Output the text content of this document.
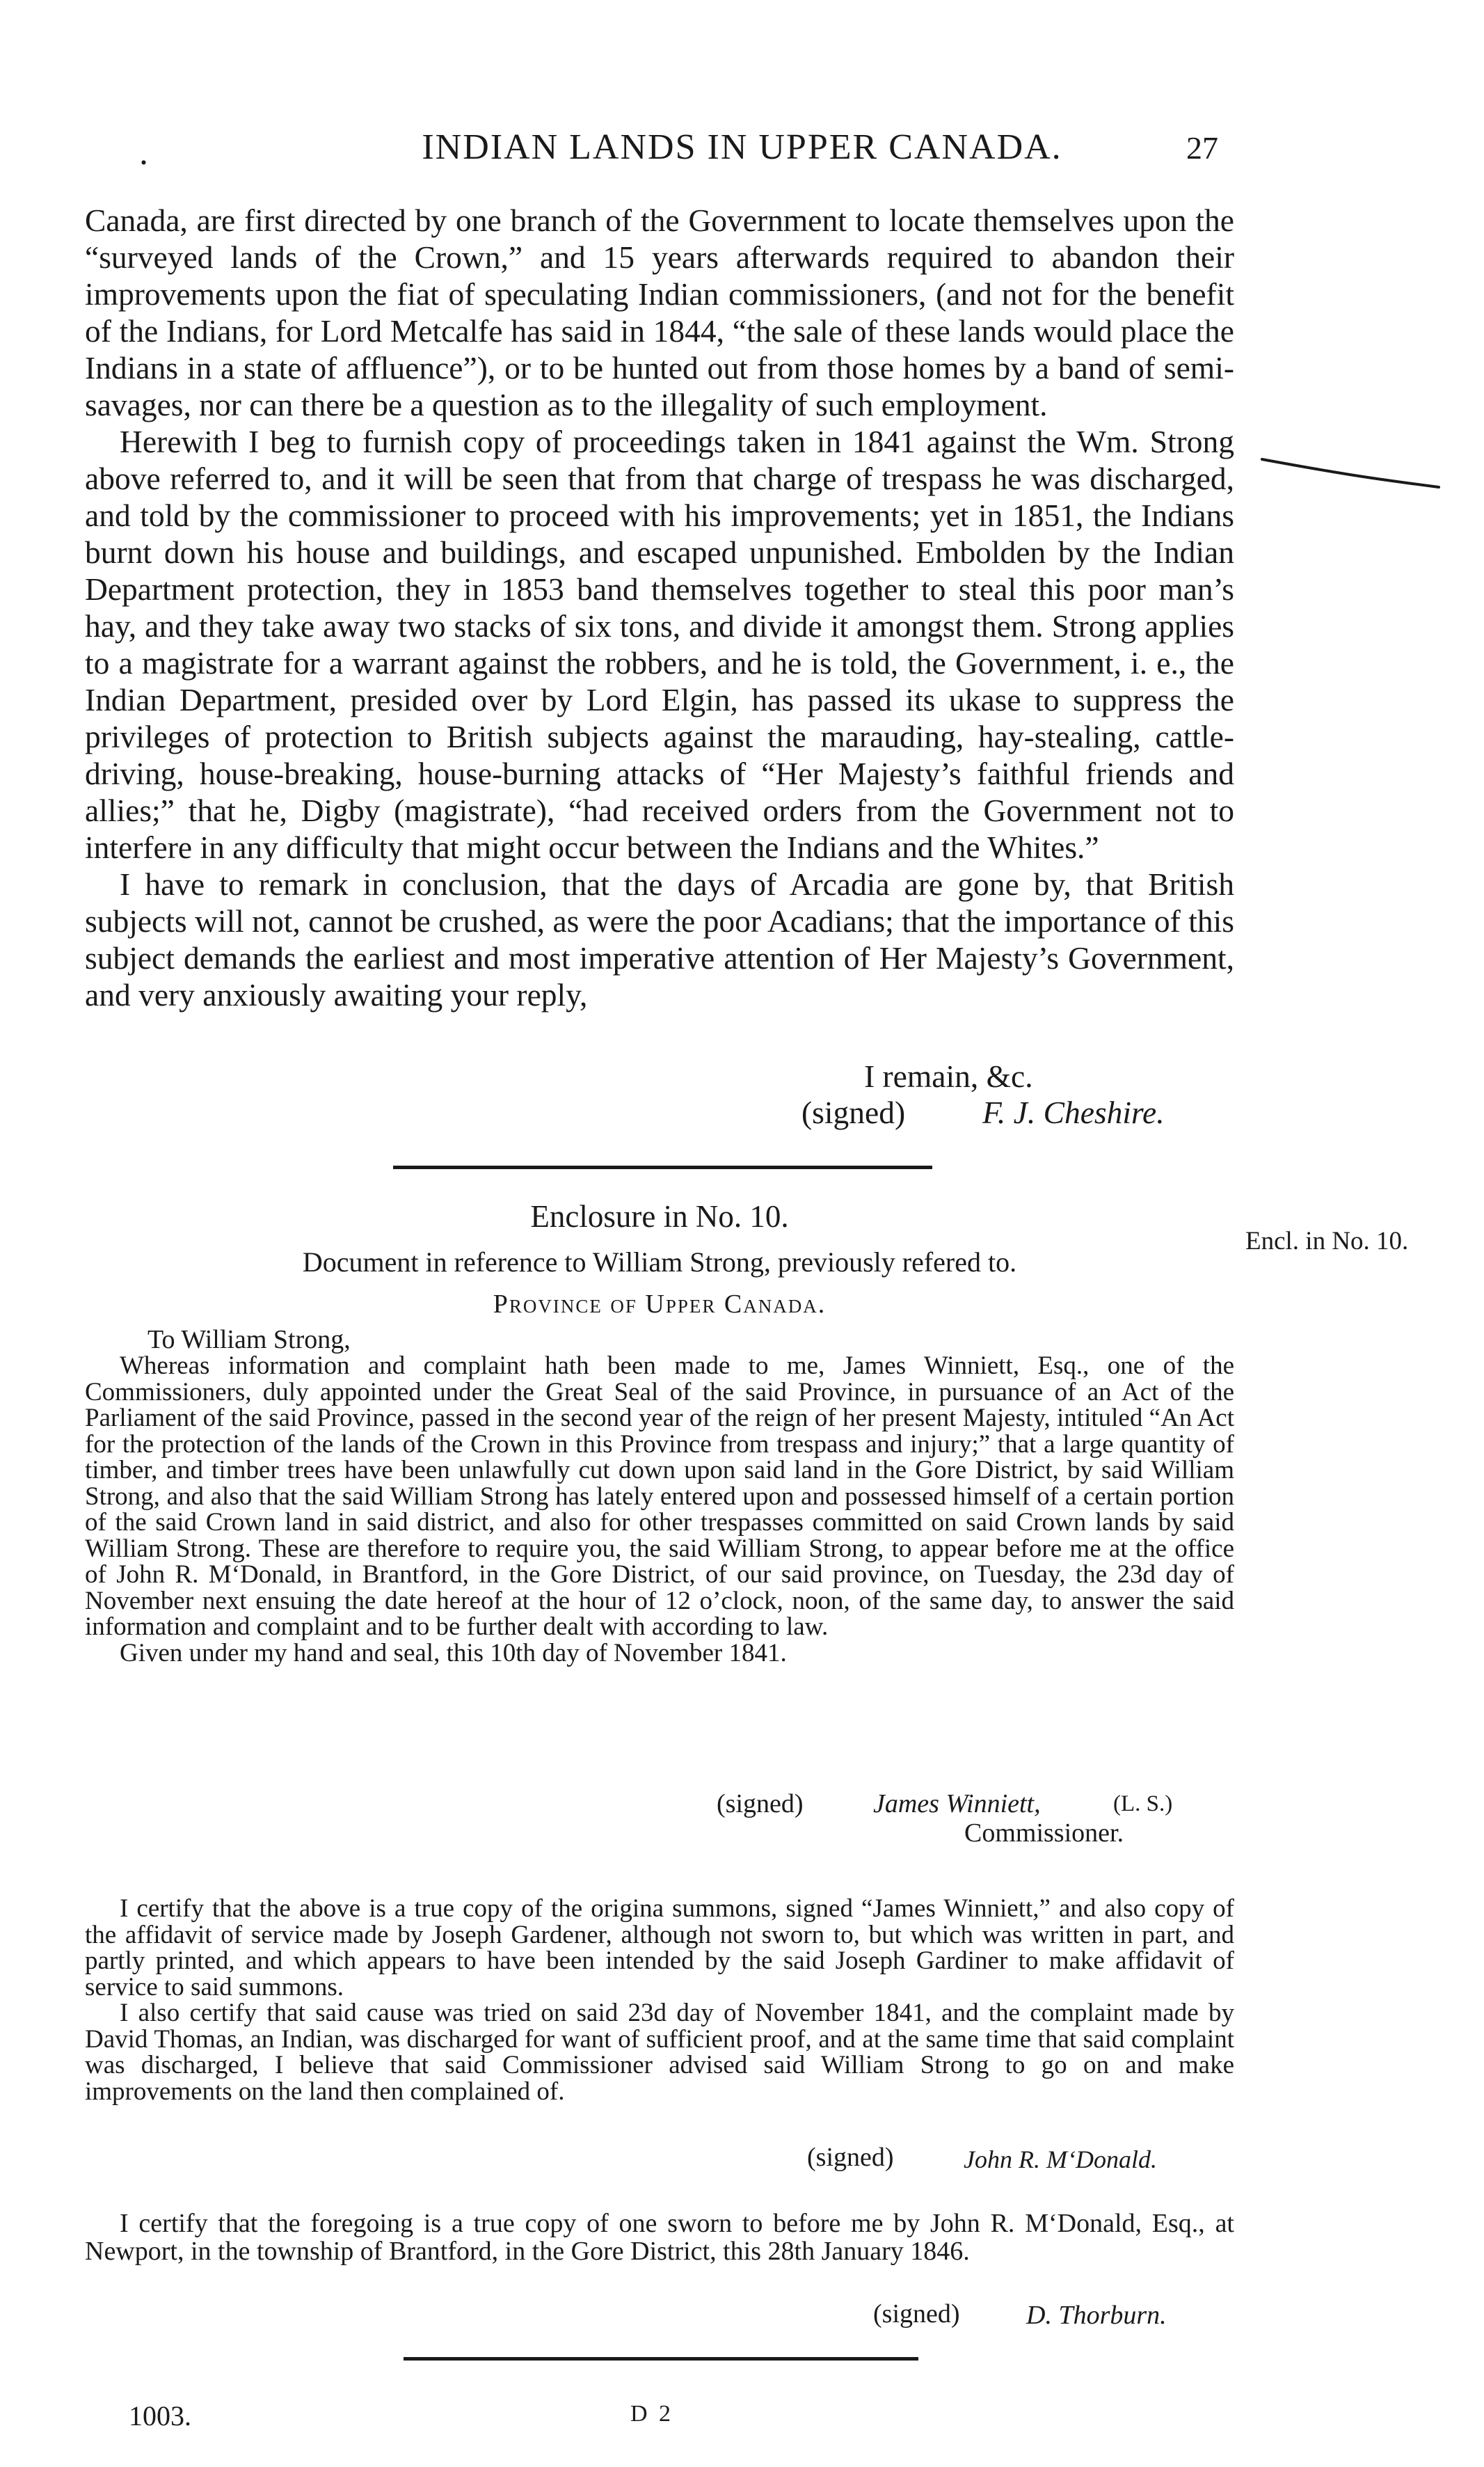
.	INDIAN LANDS IN UPPER CANADA.	27

Canada, are first directed by one branch of the Government to locate themselves upon the “surveyed lands of the Crown,” and 15 years afterwards required to abandon their improvements upon the fiat of speculating Indian commissioners, (and not for the benefit of the Indians, for Lord Metcalfe has said in 1844, “the sale of these lands would place the Indians in a state of affluence”), or to be hunted out from those homes by a band of semi-savages, nor can there be a question as to the illegality of such employment.

Herewith I beg to furnish copy of proceedings taken in 1841 against the Wm. Strong above referred to, and it will be seen that from that charge of trespass he was discharged, and told by the commissioner to proceed with his improvements; yet in 1851, the Indians burnt down his house and buildings, and escaped unpunished. Embolden by the Indian Department protection, they in 1853 band themselves together to steal this poor man’s hay, and they take away two stacks of six tons, and divide it amongst them. Strong applies to a magistrate for a warrant against the robbers, and he is told, the Government, i. e., the Indian Department, presided over by Lord Elgin, has passed its ukase to suppress the privileges of protection to British subjects against the marauding, hay-stealing, cattle-driving, house-breaking, house-burning attacks of “Her Majesty’s faithful friends and allies;” that he, Digby (magistrate), “had received orders from the Government not to interfere in any difficulty that might occur between the Indians and the Whites.”

I have to remark in conclusion, that the days of Arcadia are gone by, that British subjects will not, cannot be crushed, as were the poor Acadians; that the importance of this subject demands the earliest and most imperative attention of Her Majesty’s Government, and very anxiously awaiting your reply,

I remain, &c.
(signed) F. J. Cheshire.
Enclosure in No. 10.
Encl. in No. 10.
Document in reference to William Strong, previously refered to.
Province of Upper Canada.
To William Strong,

Whereas information and complaint hath been made to me, James Winniett, Esq., one of the Commissioners, duly appointed under the Great Seal of the said Province, in pursuance of an Act of the Parliament of the said Province, passed in the second year of the reign of her present Majesty, intituled “An Act for the protection of the lands of the Crown in this Province from trespass and injury;” that a large quantity of timber, and timber trees have been unlawfully cut down upon said land in the Gore District, by said William Strong, and also that the said William Strong has lately entered upon and possessed himself of a certain portion of the said Crown land in said district, and also for other trespasses committed on said Crown lands by said William Strong. These are therefore to require you, the said William Strong, to appear before me at the office of John R. M‘Donald, in Brantford, in the Gore District, of our said province, on Tuesday, the 23d day of November next ensuing the date hereof at the hour of 12 o’clock, noon, of the same day, to answer the said information and complaint and to be further dealt with according to law.

Given under my hand and seal, this 10th day of November 1841.

(signed)	James Winniett,	(L. S.)
Commissioner.

I certify that the above is a true copy of the origina summons, signed “James Winniett,” and also copy of the affidavit of service made by Joseph Gardener, although not sworn to, but which was written in part, and partly printed, and which appears to have been intended by the said Joseph Gardiner to make affidavit of service to said summons.

I also certify that said cause was tried on said 23d day of November 1841, and the complaint made by David Thomas, an Indian, was discharged for want of sufficient proof, and at the same time that said complaint was discharged, I believe that said Commissioner advised said William Strong to go on and make improvements on the land then complained of.

(signed)	John R. M‘Donald.

I certify that the foregoing is a true copy of one sworn to before me by John R. M‘Donald, Esq., at Newport, in the township of Brantford, in the Gore District, this 28th January 1846.

(signed)	D. Thorburn.
1003.	D 2
